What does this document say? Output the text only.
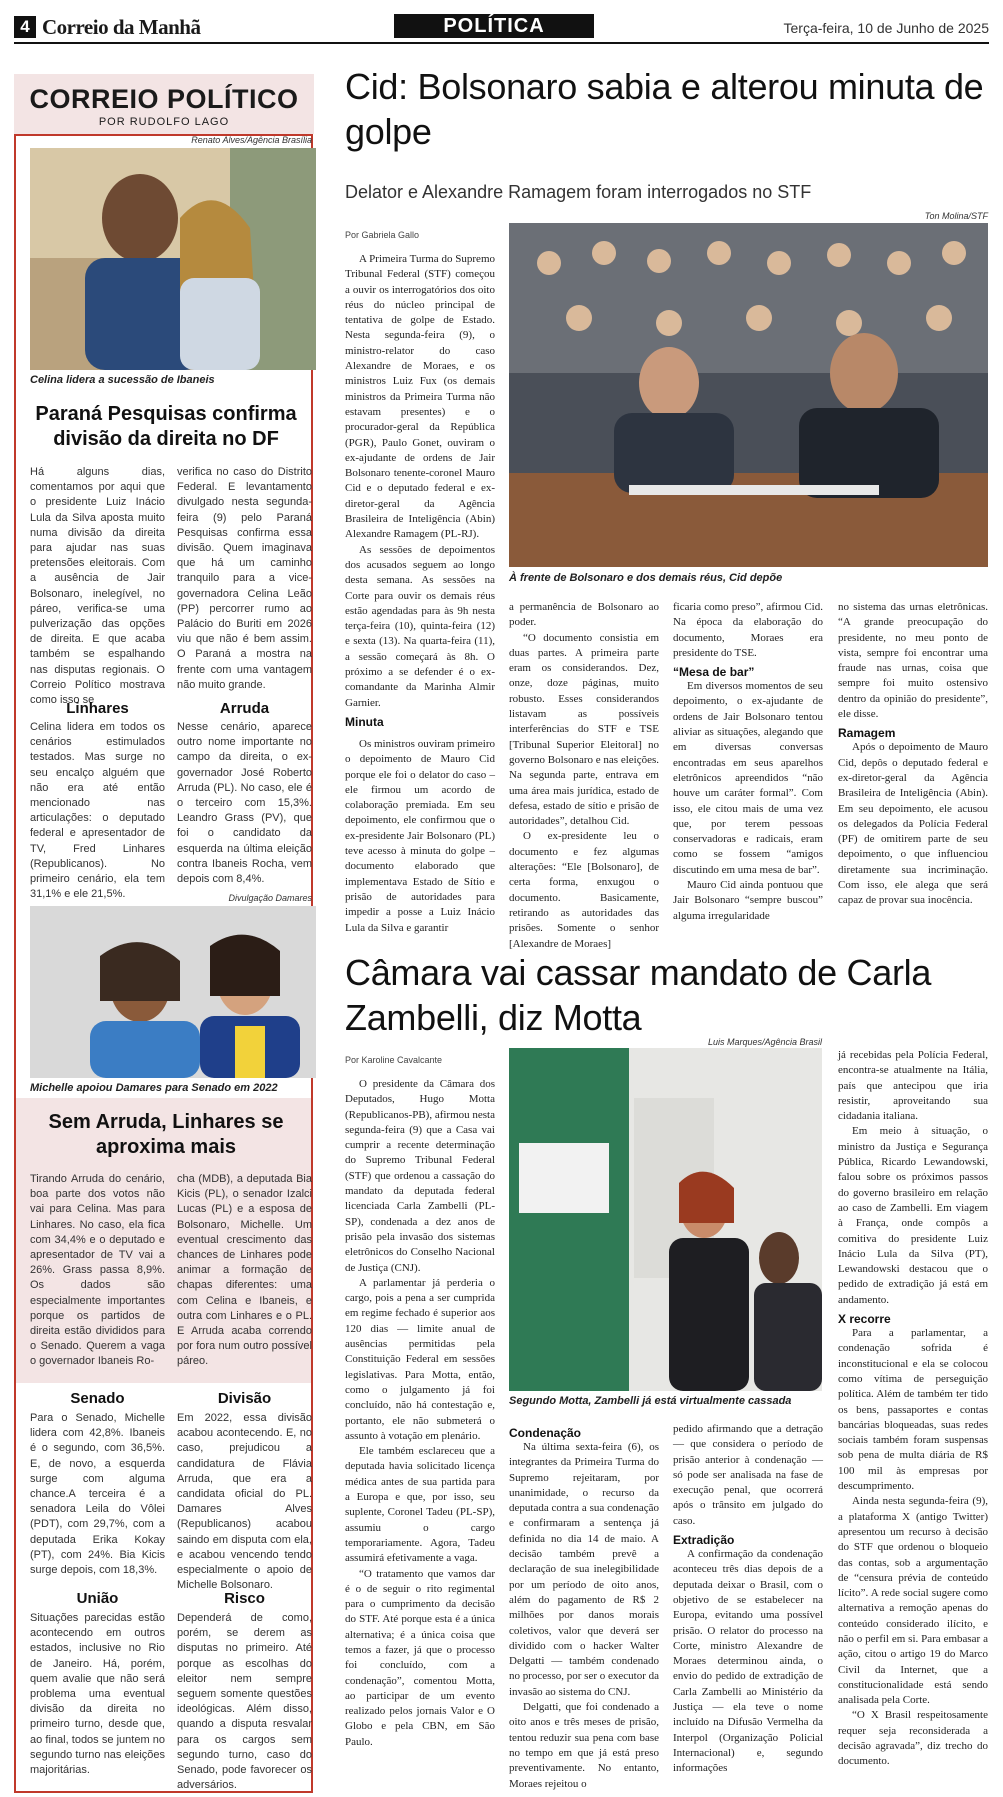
4 Correio da Manhã	POLÍTICA	Terça-feira, 10 de Junho de 2025
CORREIO POLÍTICO
POR RUDOLFO LAGO
Renato Alves/Agência Brasília
Celina lidera a sucessão de Ibaneis
Paraná Pesquisas confirma divisão da direita no DF
Há alguns dias, comentamos por aqui que o presidente Luiz Inácio Lula da Silva aposta muito numa divisão da direita para ajudar nas suas pretensões eleitorais. Com a ausência de Jair Bolsonaro, inelegível, no páreo, verifica-se uma pulverização das opções de direita. E que acaba também se espalhando nas disputas regionais. O Correio Político mostrava como isso se
verifica no caso do Distrito Federal. E levantamento divulgado nesta segunda-feira (9) pelo Paraná Pesquisas confirma essa divisão. Quem imaginava que há um caminho tranquilo para a vice-governadora Celina Leão (PP) percorrer rumo ao Palácio do Buriti em 2026 viu que não é bem assim. O Paraná a mostra na frente com uma vantagem não muito grande.
Linhares
Celina lidera em todos os cenários estimulados testados. Mas surge no seu encalço alguém que não era até então mencionado nas articulações: o deputado federal e apresentador de TV, Fred Linhares (Republicanos). No primeiro cenário, ela tem 31,1% e ele 21,5%.
Arruda
Nesse cenário, aparece outro nome importante no campo da direita, o ex-governador José Roberto Arruda (PL). No caso, ele é o terceiro com 15,3%. Leandro Grass (PV), que foi o candidato da esquerda na última eleição contra Ibaneis Rocha, vem depois com 8,4%.
Divulgação Damares
Michelle apoiou Damares para Senado em 2022
Sem Arruda, Linhares se aproxima mais
Tirando Arruda do cenário, boa parte dos votos não vai para Celina. Mas para Linhares. No caso, ela fica com 34,4% e o deputado e apresentador de TV vai a 26%. Grass passa 8,9%. Os dados são especialmente importantes porque os partidos de direita estão divididos para o Senado. Querem a vaga o governador Ibaneis Ro-
cha (MDB), a deputada Bia Kicis (PL), o senador Izalci Lucas (PL) e a esposa de Bolsonaro, Michelle. Um eventual crescimento das chances de Linhares pode animar a formação de chapas diferentes: uma com Celina e Ibaneis, e outra com Linhares e o PL. E Arruda acaba correndo por fora num outro possível páreo.
Senado
Para o Senado, Michelle lidera com 42,8%. Ibaneis é o segundo, com 36,5%. E, de novo, a esquerda surge com alguma chance.A terceira é a senadora Leila do Vôlei (PDT), com 29,7%, com a deputada Erika Kokay (PT), com 24%. Bia Kicis surge depois, com 18,3%.
Divisão
Em 2022, essa divisão acabou acontecendo. E, no caso, prejudicou a candidatura de Flávia Arruda, que era a candidata oficial do PL. Damares Alves (Republicanos) acabou saindo em disputa com ela, e acabou vencendo tendo especialmente o apoio de Michelle Bolsonaro.
União
Situações parecidas estão acontecendo em outros estados, inclusive no Rio de Janeiro. Há, porém, quem avalie que não será problema uma eventual divisão da direita no primeiro turno, desde que, ao final, todos se juntem no segundo turno nas eleições majoritárias.
Risco
Dependerá de como, porém, se derem as disputas no primeiro. Até porque as escolhas do eleitor nem sempre seguem somente questões ideológicas. Além disso, quando a disputa resvalar para os cargos sem segundo turno, caso do Senado, pode favorecer os adversários.
Cid: Bolsonaro sabia e alterou minuta de golpe
Delator e Alexandre Ramagem foram interrogados no STF
Por Gabriela Gallo
Ton Molina/STF
À frente de Bolsonaro e dos demais réus, Cid depõe
A Primeira Turma do Supremo Tribunal Federal (STF) começou a ouvir os interrogatórios dos oito réus do núcleo principal de tentativa de golpe de Estado. Nesta segunda-feira (9), o ministro-relator do caso Alexandre de Moraes, e os ministros Luiz Fux (os demais ministros da Primeira Turma não estavam presentes) e o procurador-geral da República (PGR), Paulo Gonet, ouviram o ex-ajudante de ordens de Jair Bolsonaro tenente-coronel Mauro Cid e o deputado federal e ex-diretor-geral da Agência Brasileira de Inteligência (Abin) Alexandre Ramagem (PL-RJ).
As sessões de depoimentos dos acusados seguem ao longo desta semana. As sessões na Corte para ouvir os demais réus estão agendadas para às 9h nesta terça-feira (10), quinta-feira (12) e sexta (13). Na quarta-feira (11), a sessão começará às 8h. O próximo a se defender é o ex-comandante da Marinha Almir Garnier.
Minuta
Os ministros ouviram primeiro o depoimento de Mauro Cid porque ele foi o delator do caso – ele firmou um acordo de colaboração premiada. Em seu depoimento, ele confirmou que o ex-presidente Jair Bolsonaro (PL) teve acesso à minuta do golpe – documento elaborado que implementava Estado de Sítio e prisão de autoridades para impedir a posse a Luiz Inácio Lula da Silva e garantir
a permanência de Bolsonaro ao poder.
“O documento consistia em duas partes. A primeira parte eram os considerandos. Dez, onze, doze páginas, muito robusto. Esses considerandos listavam as possíveis interferências do STF e TSE [Tribunal Superior Eleitoral] no governo Bolsonaro e nas eleições. Na segunda parte, entrava em uma área mais jurídica, estado de defesa, estado de sítio e prisão de autoridades”, detalhou Cid.
O ex-presidente leu o documento e fez algumas alterações: “Ele [Bolsonaro], de certa forma, enxugou o documento. Basicamente, retirando as autoridades das prisões. Somente o senhor [Alexandre de Moraes]
ficaria como preso”, afirmou Cid. Na época da elaboração do documento, Moraes era presidente do TSE.
“Mesa de bar”
Em diversos momentos de seu depoimento, o ex-ajudante de ordens de Jair Bolsonaro tentou aliviar as situações, alegando que em diversas conversas encontradas em seus aparelhos eletrônicos apreendidos “não houve um caráter formal”. Com isso, ele citou mais de uma vez que, por terem pessoas conservadoras e radicais, eram como se fossem “amigos discutindo em uma mesa de bar”.
Mauro Cid ainda pontuou que Jair Bolsonaro “sempre buscou” alguma irregularidade
no sistema das urnas eletrônicas. “A grande preocupação do presidente, no meu ponto de vista, sempre foi encontrar uma fraude nas urnas, coisa que sempre foi muito ostensivo dentro da opinião do presidente”, ele disse.
Ramagem
Após o depoimento de Mauro Cid, depôs o deputado federal e ex-diretor-geral da Agência Brasileira de Inteligência (Abin). Em seu depoimento, ele acusou os delegados da Polícia Federal (PF) de omitirem parte de seu depoimento, o que influenciou diretamente sua incriminação. Com isso, ele alega que será capaz de provar sua inocência.
Câmara vai cassar mandato de Carla Zambelli, diz Motta
Por Karoline Cavalcante
Luis Marques/Agência Brasil
Segundo Motta, Zambelli já está virtualmente cassada
O presidente da Câmara dos Deputados, Hugo Motta (Republicanos-PB), afirmou nesta segunda-feira (9) que a Casa vai cumprir a recente determinação do Supremo Tribunal Federal (STF) que ordenou a cassação do mandato da deputada federal licenciada Carla Zambelli (PL-SP), condenada a dez anos de prisão pela invasão dos sistemas eletrônicos do Conselho Nacional de Justiça (CNJ).
A parlamentar já perderia o cargo, pois a pena a ser cumprida em regime fechado é superior aos 120 dias — limite anual de ausências permitidas pela Constituição Federal em sessões legislativas. Para Motta, então, como o julgamento já foi concluído, não há contestação e, portanto, ele não submeterá o assunto à votação em plenário.
Ele também esclareceu que a deputada havia solicitado licença médica antes de sua partida para a Europa e que, por isso, seu suplente, Coronel Tadeu (PL-SP), assumiu o cargo temporariamente. Agora, Tadeu assumirá efetivamente a vaga.
“O tratamento que vamos dar é o de seguir o rito regimental para o cumprimento da decisão do STF. Até porque esta é a única alternativa; é a única coisa que temos a fazer, já que o processo foi concluído, com a condenação”, comentou Motta, ao participar de um evento realizado pelos jornais Valor e O Globo e pela CBN, em São Paulo.
Condenação
Na última sexta-feira (6), os integrantes da Primeira Turma do Supremo rejeitaram, por unanimidade, o recurso da deputada contra a sua condenação e confirmaram a sentença já definida no dia 14 de maio. A decisão também prevê a declaração de sua inelegibilidade por um período de oito anos, além do pagamento de R$ 2 milhões por danos morais coletivos, valor que deverá ser dividido com o hacker Walter Delgatti — também condenado no processo, por ser o executor da invasão ao sistema do CNJ.
Delgatti, que foi condenado a oito anos e três meses de prisão, tentou reduzir sua pena com base no tempo em que já está preso preventivamente. No entanto, Moraes rejeitou o
pedido afirmando que a detração — que considera o período de prisão anterior à condenação — só pode ser analisada na fase de execução penal, que ocorrerá após o trânsito em julgado do caso.
Extradição
A confirmação da condenação aconteceu três dias depois de a deputada deixar o Brasil, com o objetivo de se estabelecer na Europa, evitando uma possível prisão. O relator do processo na Corte, ministro Alexandre de Moraes determinou ainda, o envio do pedido de extradição de Carla Zambelli ao Ministério da Justiça — ela teve o nome incluído na Difusão Vermelha da Interpol (Organização Policial Internacional) e, segundo informações
já recebidas pela Polícia Federal, encontra-se atualmente na Itália, país que antecipou que iria resistir, aproveitando sua cidadania italiana.
Em meio à situação, o ministro da Justiça e Segurança Pública, Ricardo Lewandowski, falou sobre os próximos passos do governo brasileiro em relação ao caso de Zambelli. Em viagem à França, onde compôs a comitiva do presidente Luiz Inácio Lula da Silva (PT), Lewandowski destacou que o pedido de extradição já está em andamento.
X recorre
Para a parlamentar, a condenação sofrida é inconstitucional e ela se colocou como vítima de perseguição política. Além de também ter tido os bens, passaportes e contas bancárias bloqueadas, suas redes sociais também foram suspensas sob pena de multa diária de R$ 100 mil às empresas por descumprimento.
Ainda nesta segunda-feira (9), a plataforma X (antigo Twitter) apresentou um recurso à decisão do STF que ordenou o bloqueio das contas, sob a argumentação de “censura prévia de conteúdo lícito”. A rede social sugere como alternativa a remoção apenas do conteúdo considerado ilícito, e não o perfil em si. Para embasar a ação, citou o artigo 19 do Marco Civil da Internet, que a constitucionalidade está sendo analisada pela Corte.
“O X Brasil respeitosamente requer seja reconsiderada a decisão agravada”, diz trecho do documento.
